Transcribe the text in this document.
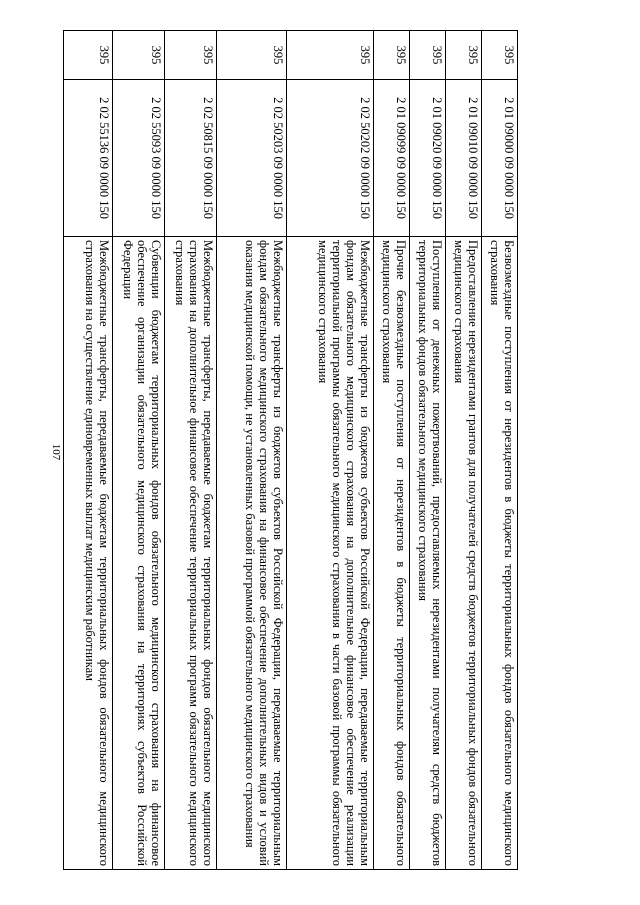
107
395	2 01 09000 09 0000 150	Безвозмездные поступления от нерезидентов в бюджеты территориальных фондов обязательного медицинского страхования
395	2 01 09010 09 0000 150	Предоставление нерезидентами грантов для получателей средств бюджетов территориальных фондов обязательного медицинского страхования
395	2 01 09020 09 0000 150	Поступления от денежных пожертвований, предоставляемых нерезидентами получателям средств бюджетов территориальных фондов обязательного медицинского страхования
395	2 01 09099 09 0000 150	Прочие безвозмездные поступления от нерезидентов в бюджеты территориальных фондов обязательного медицинского страхования
395	2 02 50202 09 0000 150	Межбюджетные трансферты из бюджетов субъектов Российской Федерации, передаваемые территориальным фондам обязательного медицинского страхования на дополнительное финансовое обеспечение реализации территориальной программы обязательного медицинского страхования в части базовой программы обязательного медицинского страхования
395	2 02 50203 09 0000 150	Межбюджетные трансферты из бюджетов субъектов Российской Федерации, передаваемые территориальным фондам обязательного медицинского страхования на финансовое обеспечение дополнительных видов и условий оказания медицинской помощи, не установленных базовой программой обязательного медицинского страхования
395	2 02 50815 09 0000 150	Межбюджетные трансферты, передаваемые бюджетам территориальных фондов обязательного медицинского страхования на дополнительное финансовое обеспечение территориальных программ обязательного медицинского страхования
395	2 02 55093 09 0000 150	Субвенции бюджетам территориальных фондов обязательного медицинского страхования на финансовое обеспечение организации обязательного медицинского страхования на территориях субъектов Российской Федерации
395	2 02 55136 09 0000 150	Межбюджетные трансферты, передаваемые бюджетам территориальных фондов обязательного медицинского страхования на осуществление единовременных выплат медицинским работникам
